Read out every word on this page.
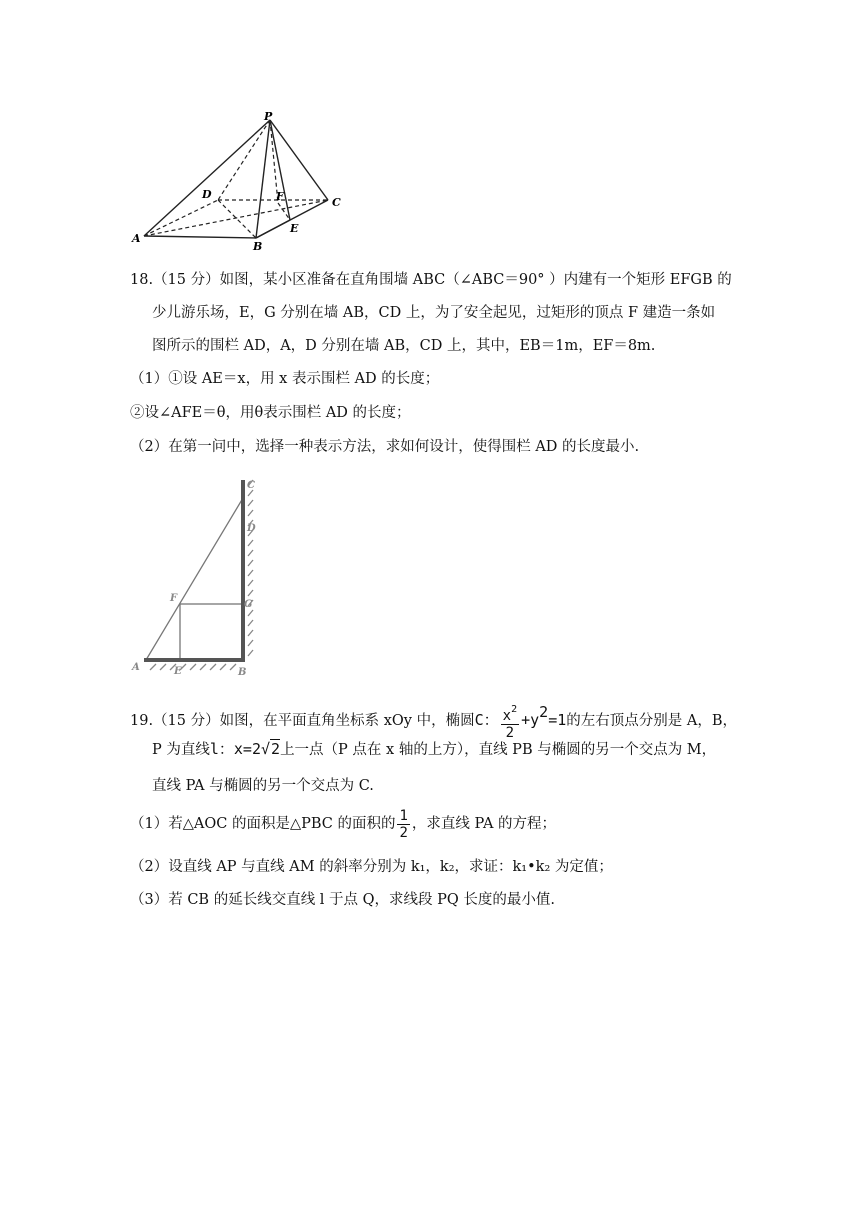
P
D	F	C
A
B
E
18.（15 分）如图，某小区准备在直角围墙 ABC（∠ABC＝90° ）内建有一个矩形 EFGB 的
少儿游乐场，E，G 分别在墙 AB，CD 上，为了安全起见，过矩形的顶点 F 建造一条如
图所示的围栏 AD，A，D 分别在墙 AB，CD 上，其中，EB＝1m，EF＝8m.
（1）①设 AE＝x，用 x 表示围栏 AD 的长度；
②设∠AFE＝θ，用θ表示围栏 AD 的长度；
（2）在第一问中，选择一种表示方法，求如何设计，使得围栏 AD 的长度最小.
C
D
F
G
A	E	B
19.（15 分）如图，在平面直角坐标系 xOy 中，椭圆C： $\frac{x^2}{2} +y2=1$的左右顶点分别是 A，B，
P 为直线l：x=2√2上一点（P 点在 x 轴的上方），直线 PB 与椭圆的另一个交点为 M，
直线 PA 与椭圆的另一个交点为 C.
（1）若△AOC 的面积是△PBC 的面积的 $\frac{1}{2}$ ，求直线 PA 的方程；
（2）设直线 AP 与直线 AM 的斜率分别为 k₁，k₂，求证：k₁•k₂ 为定值；
（3）若 CB 的延长线交直线 l 于点 Q，求线段 PQ 长度的最小值.
